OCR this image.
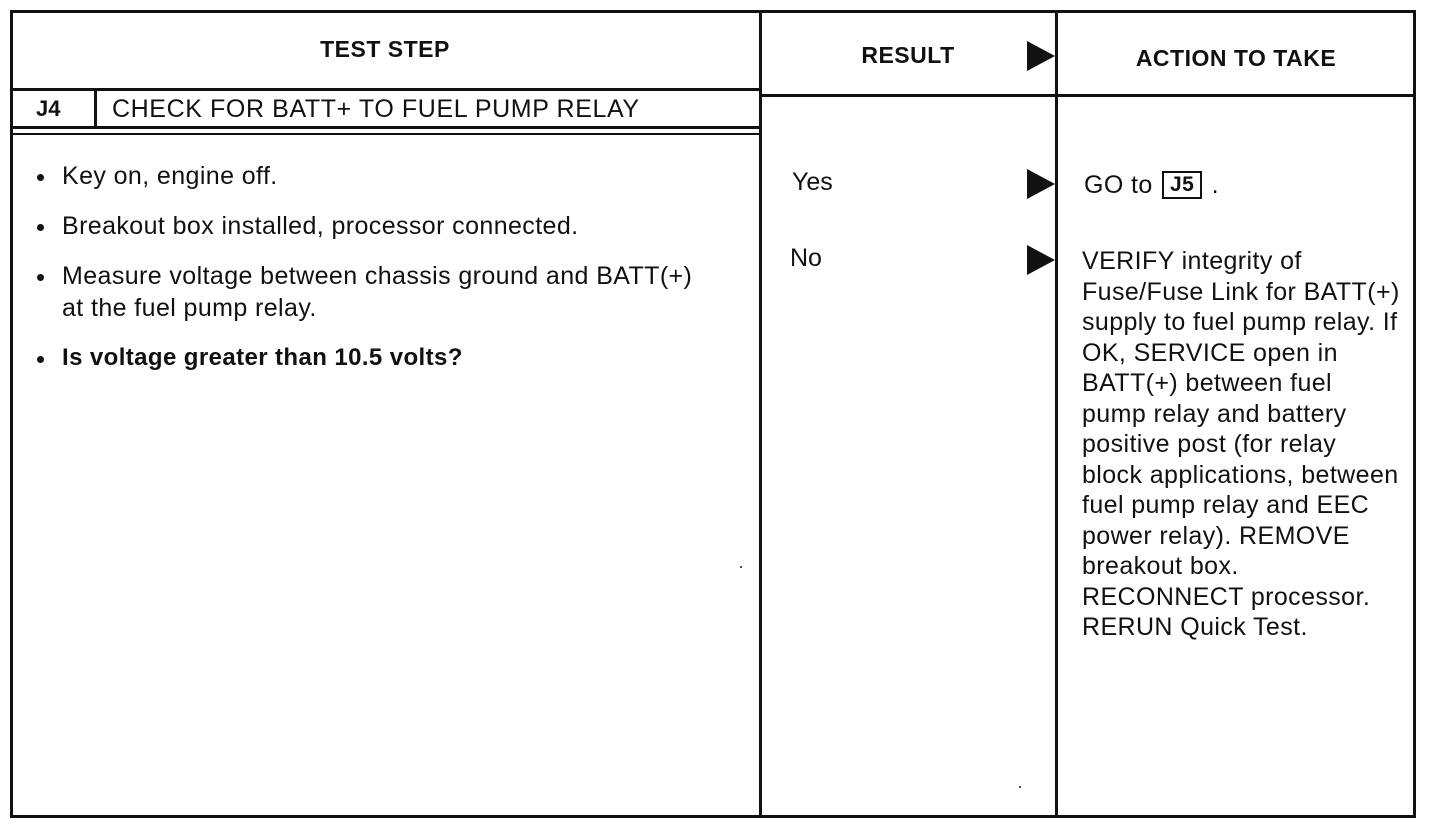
TEST STEP	RESULT	ACTION TO TAKE
J4 CHECK FOR BATT+ TO FUEL PUMP RELAY
Key on, engine off.
Breakout box installed, processor connected.
Measure voltage between chassis ground and BATT(+) at the fuel pump relay.
Is voltage greater than 10.5 volts?
Yes
No
GO to J5 .
VERIFY integrity of Fuse/Fuse Link for BATT(+) supply to fuel pump relay. If OK, SERVICE open in BATT(+) between fuel pump relay and battery positive post (for relay block applications, between fuel pump relay and EEC power relay). REMOVE breakout box. RECONNECT processor. RERUN Quick Test.
